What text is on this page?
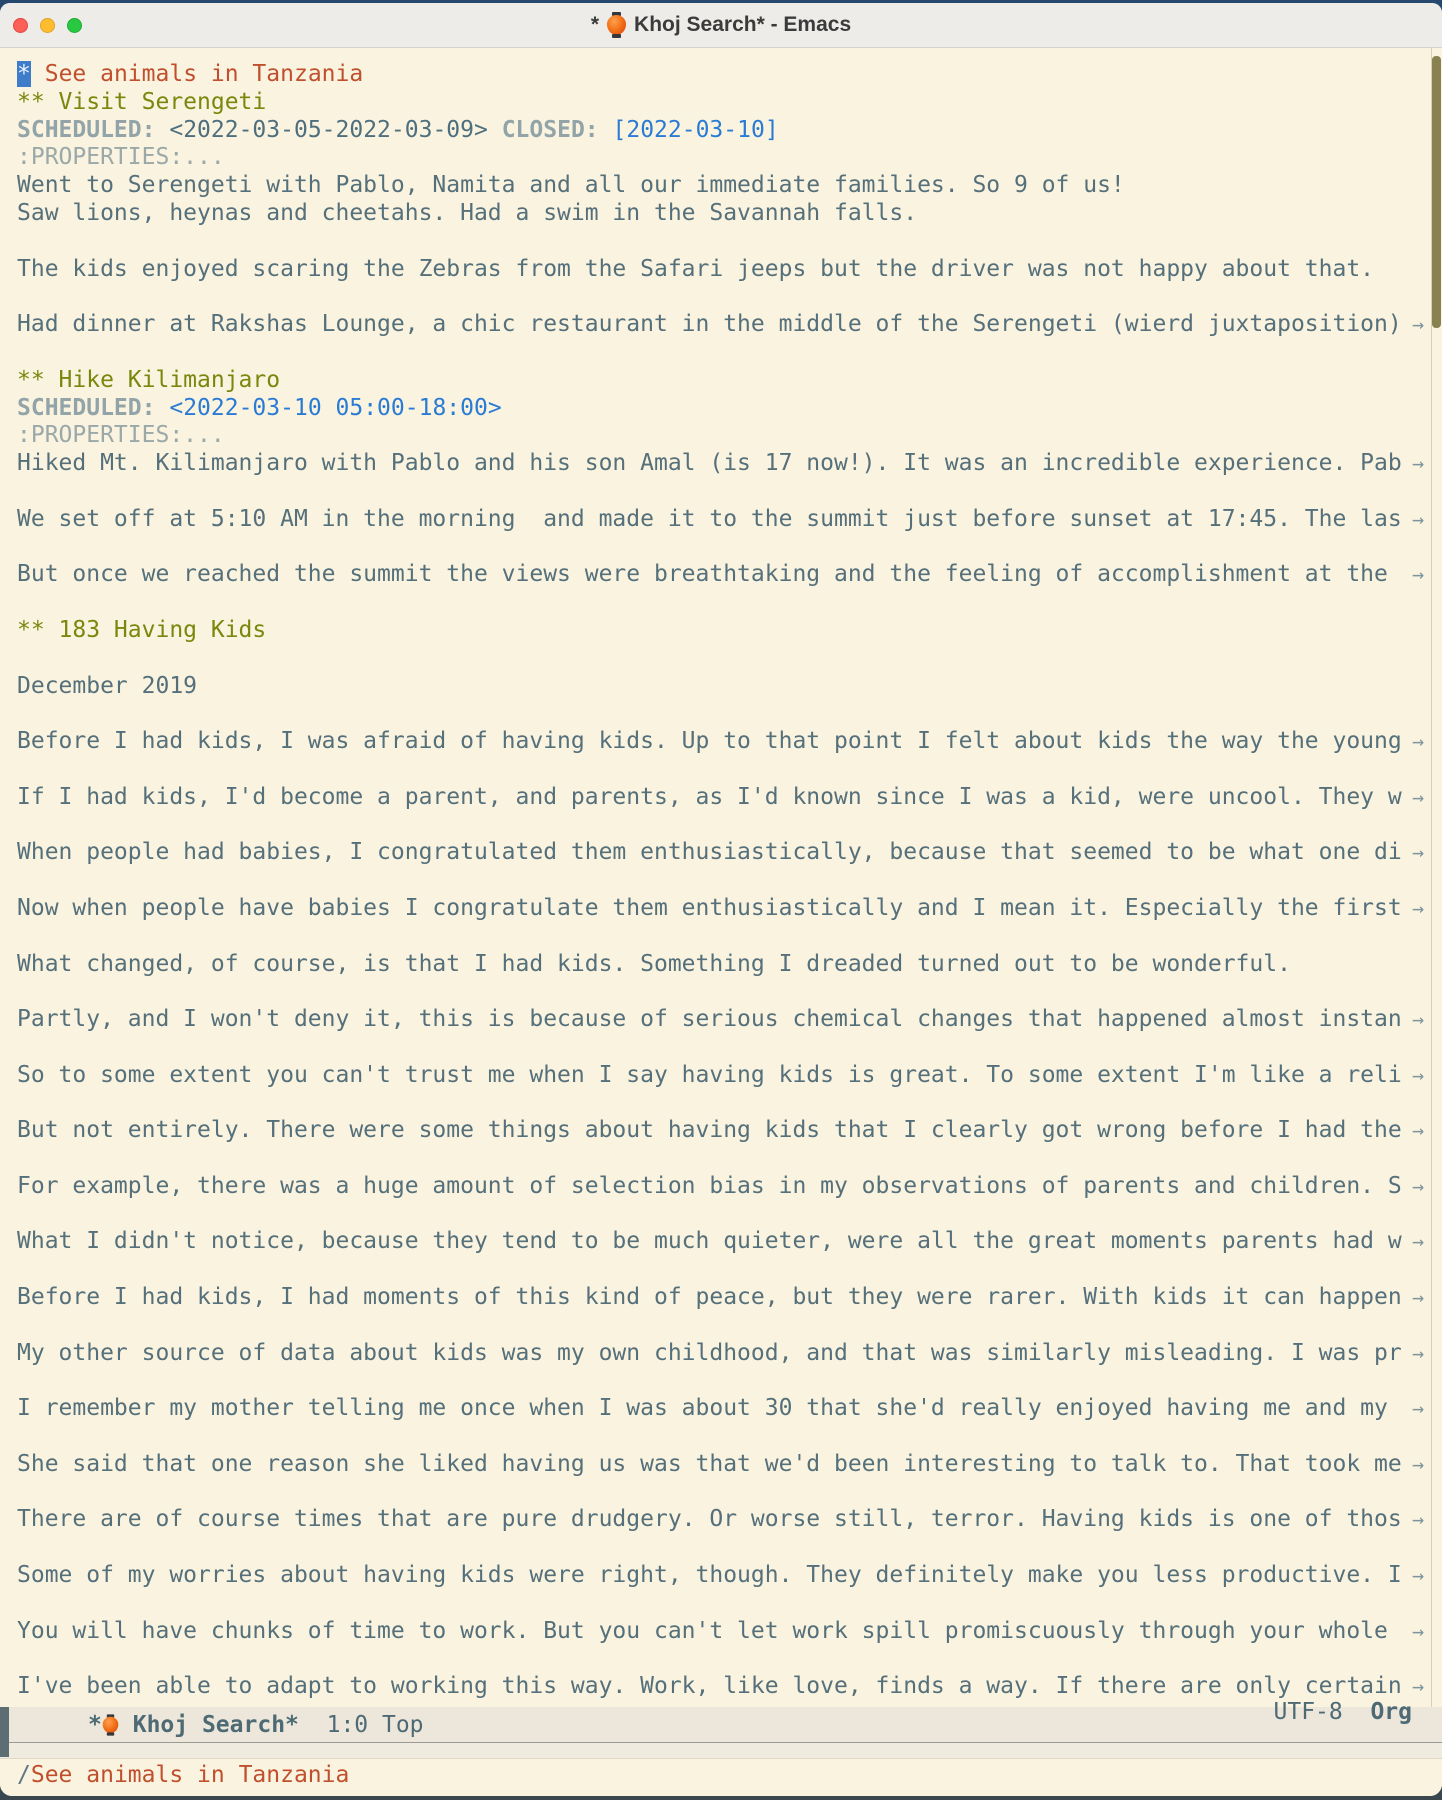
* Khoj Search* - Emacs
* See animals in Tanzania
** Visit Serengeti
SCHEDULED: <2022-03-05-2022-03-09> CLOSED: [2022-03-10]
:PROPERTIES:...
Went to Serengeti with Pablo, Namita and all our immediate families. So 9 of us!
Saw lions, heynas and cheetahs. Had a swim in the Savannah falls.
The kids enjoyed scaring the Zebras from the Safari jeeps but the driver was not happy about that.
Had dinner at Rakshas Lounge, a chic restaurant in the middle of the Serengeti (wierd juxtaposition) →
** Hike Kilimanjaro
SCHEDULED: <2022-03-10 05:00-18:00>
:PROPERTIES:...
Hiked Mt. Kilimanjaro with Pablo and his son Amal (is 17 now!). It was an incredible experience. Pab →
We set off at 5:10 AM in the morning  and made it to the summit just before sunset at 17:45. The las →
But once we reached the summit the views were breathtaking and the feeling of accomplishment at the →
** 183 Having Kids
December 2019
Before I had kids, I was afraid of having kids. Up to that point I felt about kids the way the young →
If I had kids, I'd become a parent, and parents, as I'd known since I was a kid, were uncool. They w →
When people had babies, I congratulated them enthusiastically, because that seemed to be what one di →
Now when people have babies I congratulate them enthusiastically and I mean it. Especially the first →
What changed, of course, is that I had kids. Something I dreaded turned out to be wonderful.
Partly, and I won't deny it, this is because of serious chemical changes that happened almost instan →
So to some extent you can't trust me when I say having kids is great. To some extent I'm like a reli →
But not entirely. There were some things about having kids that I clearly got wrong before I had the →
For example, there was a huge amount of selection bias in my observations of parents and children. S →
What I didn't notice, because they tend to be much quieter, were all the great moments parents had w →
Before I had kids, I had moments of this kind of peace, but they were rarer. With kids it can happen →
My other source of data about kids was my own childhood, and that was similarly misleading. I was pr →
I remember my mother telling me once when I was about 30 that she'd really enjoyed having me and my →
She said that one reason she liked having us was that we'd been interesting to talk to. That took me →
There are of course times that are pure drudgery. Or worse still, terror. Having kids is one of thos →
Some of my worries about having kids were right, though. They definitely make you less productive. I →
You will have chunks of time to work. But you can't let work spill promiscuously through your whole →
I've been able to adapt to working this way. Work, like love, finds a way. If there are only certain →
*	Khoj Search*	1:0 Top	UTF-8 Org

/ See animals in Tanzania
